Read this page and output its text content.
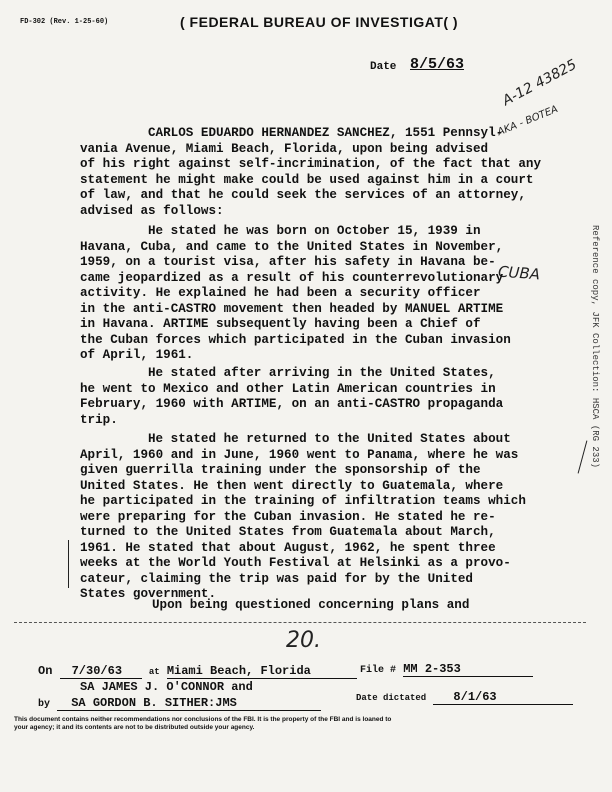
FD-302 (Rev. 1-25-60)	( FEDERAL BUREAU OF INVESTIGAT( )
Date 8/5/63	A-12 43825
AKA - BOTEA
CUBA
20.
Reference copy, JFK Collection: HSCA (RG 233)
CARLOS EDUARDO HERNANDEZ SANCHEZ, 1551 Pennsyl-
vania Avenue, Miami Beach, Florida, upon being advised
of his right against self-incrimination, of the fact that any
statement he might make could be used against him in a court
of law, and that he could seek the services of an attorney,
advised as follows:
He stated he was born on October 15, 1939 in
Havana, Cuba, and came to the United States in November,
1959, on a tourist visa, after his safety in Havana be-
came jeopardized as a result of his counterrevolutionary
activity. He explained he had been a security officer
in the anti-CASTRO movement then headed by MANUEL ARTIME
in Havana. ARTIME subsequently having been a Chief of
the Cuban forces which participated in the Cuban invasion
of April, 1961.
He stated after arriving in the United States,
he went to Mexico and other Latin American countries in
February, 1960 with ARTIME, on an anti-CASTRO propaganda
trip.
He stated he returned to the United States about
April, 1960 and in June, 1960 went to Panama, where he was
given guerrilla training under the sponsorship of the
United States. He then went directly to Guatemala, where
he participated in the training of infiltration teams which
were preparing for the Cuban invasion. He stated he re-
turned to the United States from Guatemala about March,
1961. He stated that about August, 1962, he spent three
weeks at the World Youth Festival at Helsinki as a provo-
cateur, claiming the trip was paid for by the United
States government.
Upon being questioned concerning plans and
On 7/30/63	at Miami Beach, Florida	File # MM 2-353
SA JAMES J. O'CONNOR and
by SA GORDON B. SITHER:JMS	Date dictated 8/1/63
This document contains neither recommendations nor conclusions of the FBI. It is the property of the FBI and is loaned to
your agency; it and its contents are not to be distributed outside your agency.
